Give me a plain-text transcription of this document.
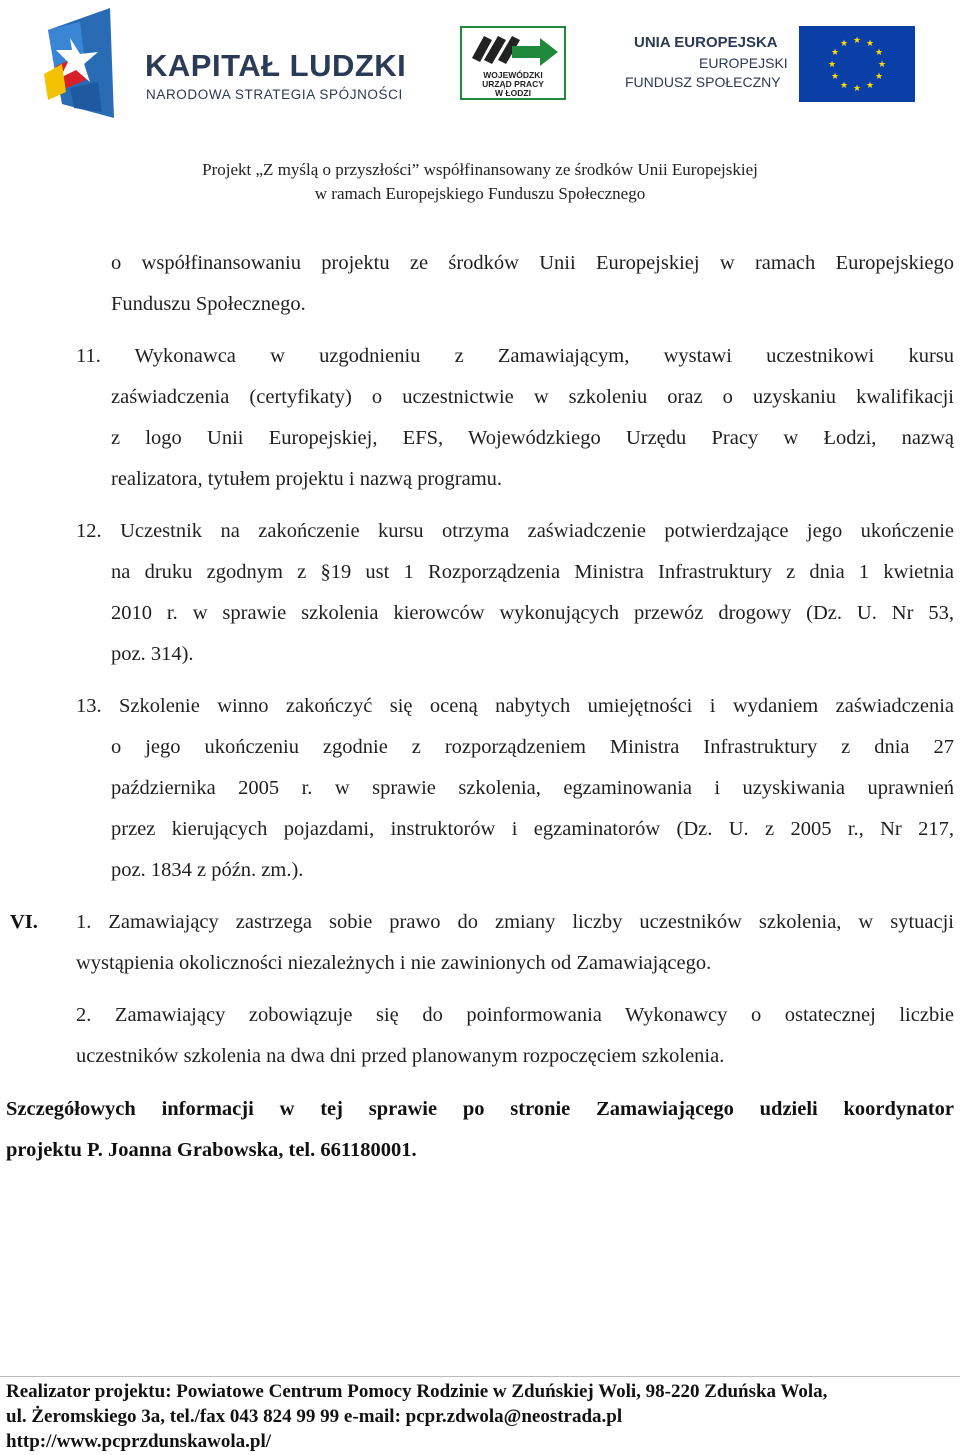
KAPITAŁ LUDZKI
NARODOWA STRATEGIA SPÓJNOŚCI
WOJEWÓDZKI
URZĄD PRACY
W ŁODZI
UNIA EUROPEJSKA
EUROPEJSKI
FUNDUSZ SPOŁECZNY
★ ★
★
★
★
★
★
★
★
★
★
★
Projekt „Z myślą o przyszłości” współfinansowany ze środków Unii Europejskiej
w ramach Europejskiego Funduszu Społecznego
o współfinansowaniu projektu ze środków Unii Europejskiej w ramach Europejskiego
Funduszu Społecznego.
11. Wykonawca w uzgodnieniu z Zamawiającym, wystawi uczestnikowi kursu
zaświadczenia (certyfikaty) o uczestnictwie w szkoleniu oraz o uzyskaniu kwalifikacji
z logo Unii Europejskiej, EFS, Wojewódzkiego Urzędu Pracy w Łodzi, nazwą
realizatora, tytułem projektu i nazwą programu.
12. Uczestnik na zakończenie kursu otrzyma zaświadczenie potwierdzające jego ukończenie
na druku zgodnym z §19 ust 1 Rozporządzenia Ministra Infrastruktury z dnia 1 kwietnia
2010 r. w sprawie szkolenia kierowców wykonujących przewóz drogowy (Dz. U. Nr 53,
poz. 314).
13. Szkolenie winno zakończyć się oceną nabytych umiejętności i wydaniem zaświadczenia
o jego ukończeniu zgodnie z rozporządzeniem Ministra Infrastruktury z dnia 27
października 2005 r. w sprawie szkolenia, egzaminowania i uzyskiwania uprawnień
przez kierujących pojazdami, instruktorów i egzaminatorów (Dz. U. z 2005 r., Nr 217,
poz. 1834 z późn. zm.).
VI. 1. Zamawiający zastrzega sobie prawo do zmiany liczby uczestników szkolenia, w sytuacji
wystąpienia okoliczności niezależnych i nie zawinionych od Zamawiającego.
2. Zamawiający zobowiązuje się do poinformowania Wykonawcy o ostatecznej liczbie
uczestników szkolenia na dwa dni przed planowanym rozpoczęciem szkolenia.
Szczegółowych informacji w tej sprawie po stronie Zamawiającego udzieli koordynator
projektu P. Joanna Grabowska, tel. 661180001.
Realizator projektu: Powiatowe Centrum Pomocy Rodzinie w Zduńskiej Woli, 98-220 Zduńska Wola,
ul. Żeromskiego 3a, tel./fax 043 824 99 99 e-mail: pcpr.zdwola@neostrada.pl
http://www.pcprzdunskawola.pl/
